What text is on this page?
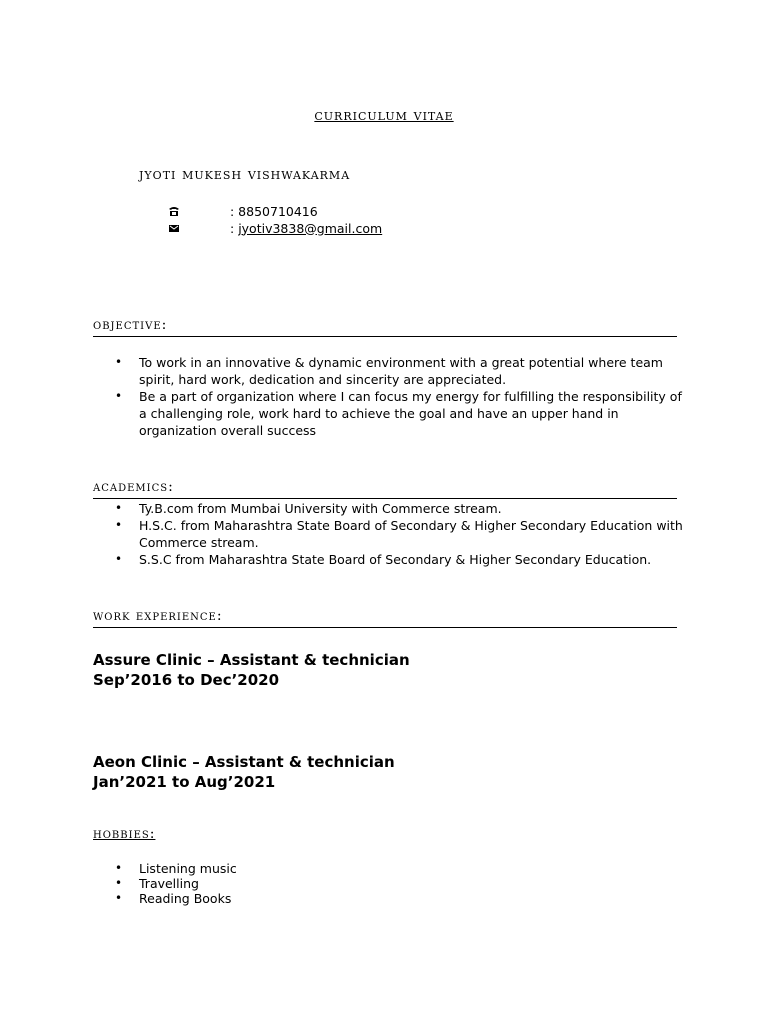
curriculum vitae
jyoti mukesh vishwakarma
: 8850710416
: jyotiv3838@gmail.com
objective:
• To work in an innovative & dynamic environment with a great potential where team spirit, hard work, dedication and sincerity are appreciated.
• Be a part of organization where I can focus my energy for fulfilling the responsibility of a challenging role, work hard to achieve the goal and have an upper hand in organization overall success
academics:
• Ty.B.com from Mumbai University with Commerce stream.
• H.S.C. from Maharashtra State Board of Secondary & Higher Secondary Education with Commerce stream.
• S.S.C from Maharashtra State Board of Secondary & Higher Secondary Education.
work experience:
Assure Clinic – Assistant & technician
Sep’2016 to Dec’2020
Aeon Clinic – Assistant & technician
Jan’2021 to Aug’2021
hobbies:
• Listening music
• Travelling
• Reading Books
